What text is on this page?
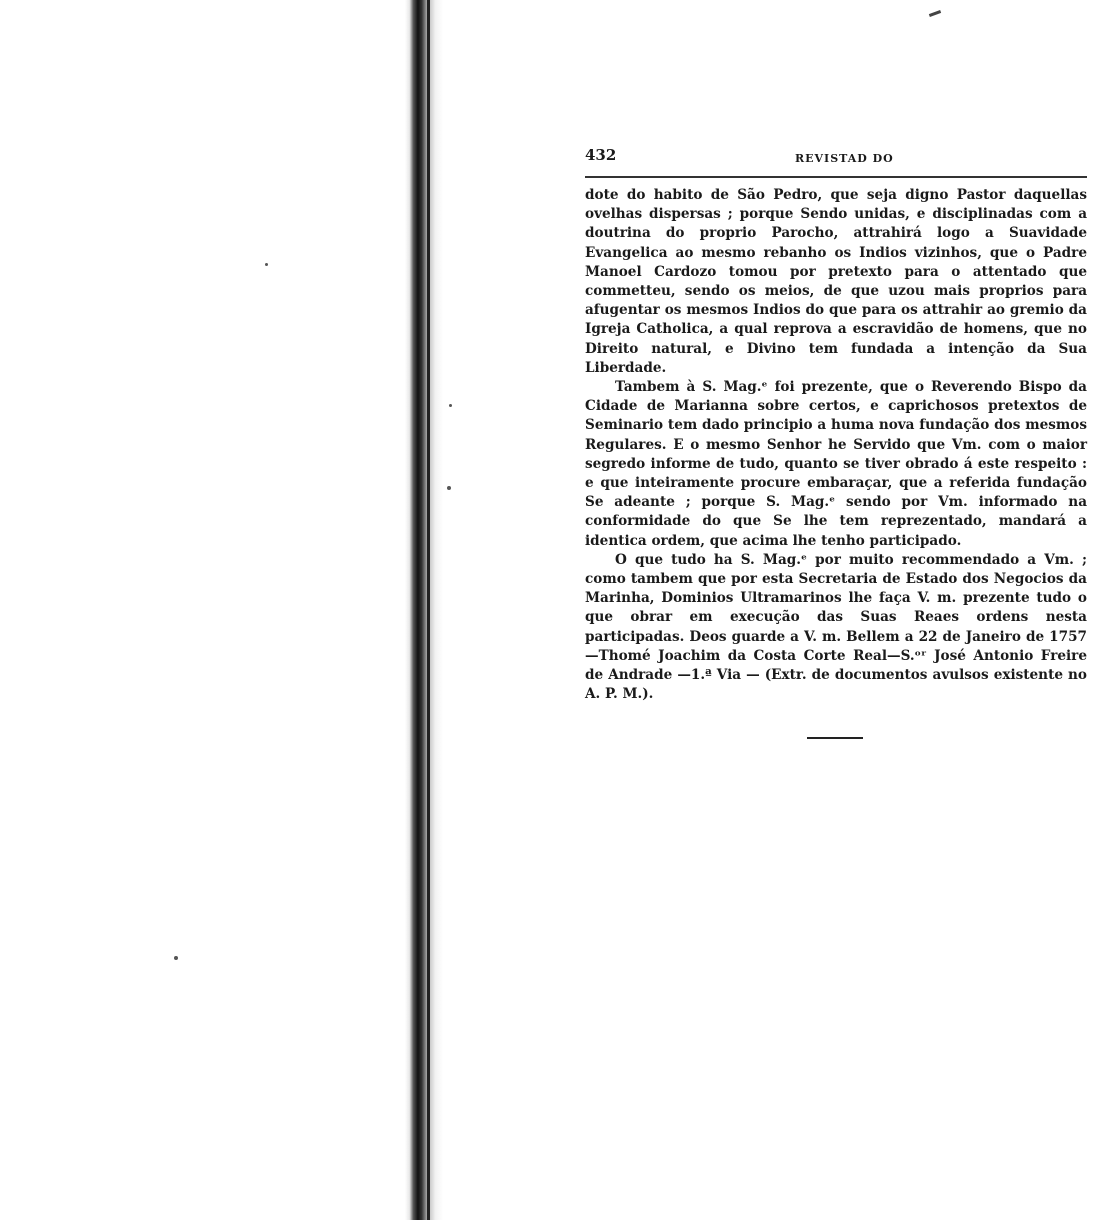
432	REVISTAD DO

dote do habito de São Pedro, que seja digno Pastor daquellas ovelhas dispersas ; porque Sendo unidas, e disciplinadas com a doutrina do proprio Parocho, attrahirá logo a Suavidade Evangelica ao mesmo rebanho os Indios vizinhos, que o Padre Manoel Cardozo tomou por pretexto para o attentado que commetteu, sendo os meios, de que uzou mais proprios para afugentar os mesmos Indios do que para os attrahir ao gremio da Igreja Catholica, a qual reprova a escravidão de homens, que no Direito natural, e Divino tem fundada a intenção da Sua Liberdade.

Tambem à S. Mag.ᵉ foi prezente, que o Reverendo Bispo da Cidade de Marianna sobre certos, e caprichosos pretextos de Seminario tem dado principio a huma nova fundação dos mesmos Regulares. E o mesmo Senhor he Servido que Vm. com o maior segredo informe de tudo, quanto se tiver obrado á este respeito : e que inteiramente procure embaraçar, que a referida fundação Se adeante ; porque S. Mag.ᵉ sendo por Vm. informado na conformidade do que Se lhe tem reprezentado, mandará a identica ordem, que acima lhe tenho participado.

O que tudo ha S. Mag.ᵉ por muito recommendado a Vm. ; como tambem que por esta Secretaria de Estado dos Negocios da Marinha, Dominios Ultramarinos lhe faça V. m. prezente tudo o que obrar em execução das Suas Reaes ordens nesta participadas. Deos guarde a V. m. Bellem a 22 de Janeiro de 1757—Thomé Joachim da Costa Corte Real—S.ᵒʳ José Antonio Freire de Andrade —1.ª Via — (Extr. de documentos avulsos existente no A. P. M.).
